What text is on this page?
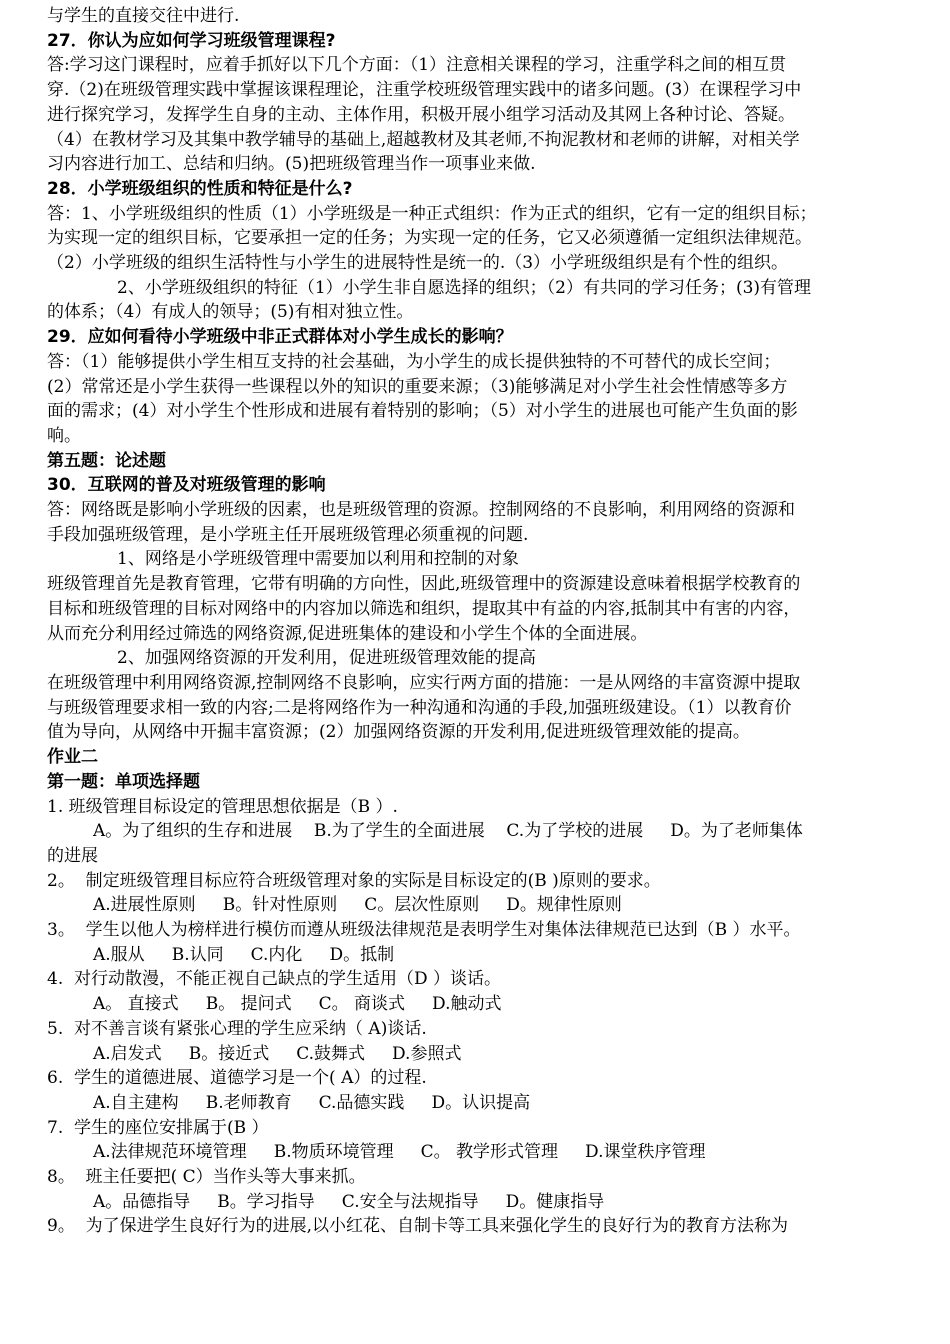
与学生的直接交往中进行.
27．你认为应如何学习班级管理课程?
答:学习这门课程时，应着手抓好以下几个方面：（1）注意相关课程的学习，注重学科之间的相互贯
穿.（2)在班级管理实践中掌握该课程理论，注重学校班级管理实践中的诸多问题。(3）在课程学习中
进行探究学习，发挥学生自身的主动、主体作用，积极开展小组学习活动及其网上各种讨论、答疑。
（4）在教材学习及其集中教学辅导的基础上,超越教材及其老师,不拘泥教材和老师的讲解，对相关学
习内容进行加工、总结和归纳。(5)把班级管理当作一项事业来做.
28．小学班级组织的性质和特征是什么?
答：1、小学班级组织的性质（1）小学班级是一种正式组织：作为正式的组织，它有一定的组织目标；
为实现一定的组织目标，它要承担一定的任务；为实现一定的任务，它又必须遵循一定组织法律规范。
（2）小学班级的组织生活特性与小学生的进展特性是统一的.（3）小学班级组织是有个性的组织。
2、小学班级组织的特征（1）小学生非自愿选择的组织；（2）有共同的学习任务；(3)有管理
的体系；（4）有成人的领导；(5)有相对独立性。
29．应如何看待小学班级中非正式群体对小学生成长的影响？
答：（1）能够提供小学生相互支持的社会基础，为小学生的成长提供独特的不可替代的成长空间；
(2）常常还是小学生获得一些课程以外的知识的重要来源；（3)能够满足对小学生社会性情感等多方
面的需求；(4）对小学生个性形成和进展有着特别的影响；（5）对小学生的进展也可能产生负面的影
响。
第五题：论述题
30．互联网的普及对班级管理的影响
答：网络既是影响小学班级的因素，也是班级管理的资源。控制网络的不良影响，利用网络的资源和
手段加强班级管理，是小学班主任开展班级管理必须重视的问题.
1、网络是小学班级管理中需要加以利用和控制的对象
班级管理首先是教育管理，它带有明确的方向性，因此,班级管理中的资源建设意味着根据学校教育的
目标和班级管理的目标对网络中的内容加以筛选和组织，提取其中有益的内容,抵制其中有害的内容，
从而充分利用经过筛选的网络资源,促进班集体的建设和小学生个体的全面进展。
2、加强网络资源的开发利用，促进班级管理效能的提高
在班级管理中利用网络资源,控制网络不良影响，应实行两方面的措施：一是从网络的丰富资源中提取
与班级管理要求相一致的内容;二是将网络作为一种沟通和沟通的手段,加强班级建设。（1）以教育价
值为导向，从网络中开掘丰富资源；(2）加强网络资源的开发利用,促进班级管理效能的提高。
作业二
第一题：单项选择题
1. 班级管理目标设定的管理思想依据是（B ）.
A。为了组织的生存和进展    B.为了学生的全面进展    C.为了学校的进展     D。为了老师集体
的进展
2。  制定班级管理目标应符合班级管理对象的实际是目标设定的(B )原则的要求。
A.进展性原则     B。针对性原则     C。层次性原则     D。规律性原则
3。  学生以他人为榜样进行模仿而遵从班级法律规范是表明学生对集体法律规范已达到（B ）水平。
A.服从     B.认同     C.内化     D。抵制
4.  对行动散漫，不能正视自己缺点的学生适用（D ）谈话。
A。 直接式     B。 提问式     C。 商谈式     D.触动式
5.  对不善言谈有紧张心理的学生应采纳（ A)谈话.
A.启发式     B。接近式     C.鼓舞式     D.参照式
6.  学生的道德进展、道德学习是一个( A）的过程.
A.自主建构     B.老师教育     C.品德实践     D。认识提高
7.  学生的座位安排属于(B ）
A.法律规范环境管理     B.物质环境管理     C。 教学形式管理     D.课堂秩序管理
8。  班主任要把( C）当作头等大事来抓。
A。品德指导     B。学习指导     C.安全与法规指导     D。健康指导
9。  为了保进学生良好行为的进展,以小红花、自制卡等工具来强化学生的良好行为的教育方法称为
